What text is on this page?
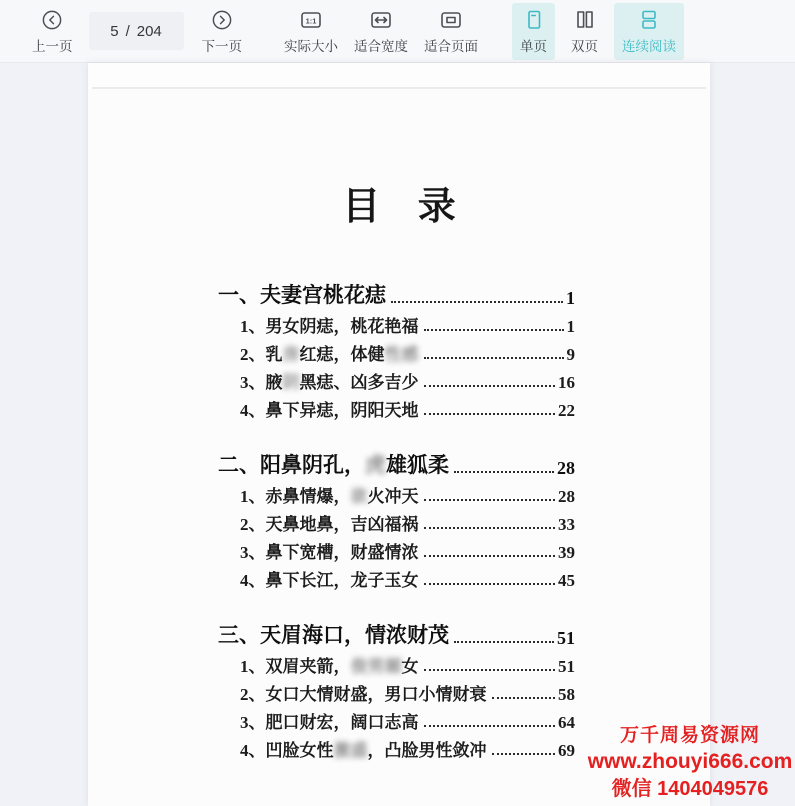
上一页
5 / 204
下一页
1:1
实际大小 适合宽度 适合页面	单页 双页 连续阅读
目 录
一、夫妻宫桃花痣	1
1、男女阴痣，桃花艳福	1
2、乳房红痣，体健性感	9
3、腋阴黑痣、凶多吉少	16
4、鼻下异痣，阴阳天地	22
二、阳鼻阴孔，虎雄狐柔	28
1、赤鼻情爆，欲火冲天	28
2、天鼻地鼻，吉凶福祸	33
3、鼻下宽槽，财盛情浓	39
4、鼻下长江，龙子玉女	45
三、天眉海口，情浓财茂	51
1、双眉夹箭，俊男媚女	51
2、女口大情财盛，男口小情财衰	58
3、肥口财宏，阔口志高	64
4、凹脸女性激盛，凸脸男性敛冲	69
万千周易资源网
www.zhouyi666.com
微信 1404049576
